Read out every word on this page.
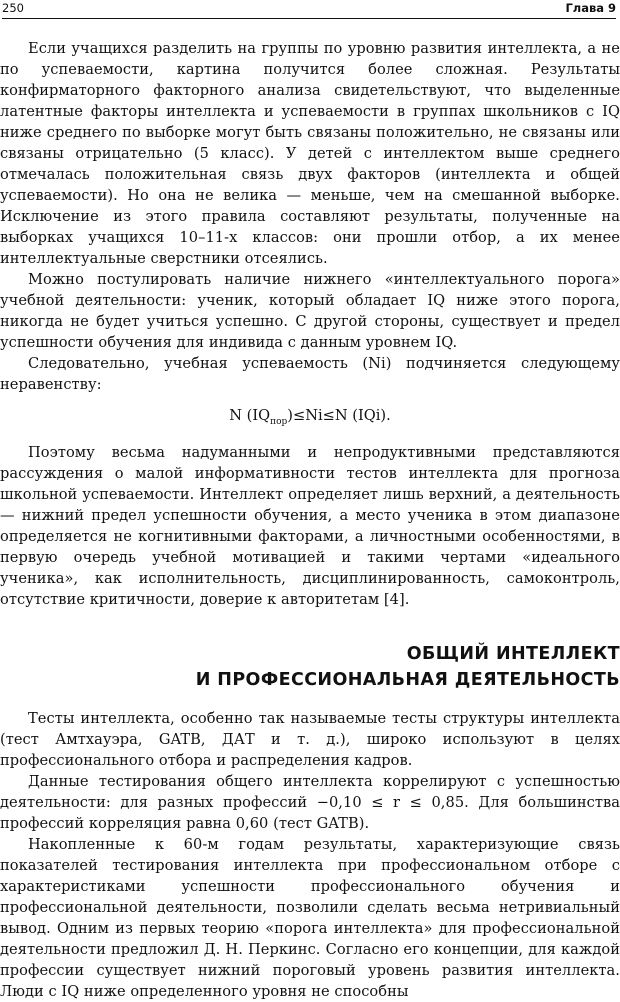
250	Глава 9

Если учащихся разделить на группы по уровню развития интеллекта, а не по успеваемости, картина получится более сложная. Результаты конфирматорного факторного анализа свидетельствуют, что выделенные латентные факторы интеллекта и успеваемости в группах школьников с IQ ниже среднего по выборке могут быть связаны положительно, не связаны или связаны отрицательно (5 класс). У детей с интеллектом выше среднего отмечалась положительная связь двух факторов (интеллекта и общей успеваемости). Но она не велика — меньше, чем на смешанной выборке. Исключение из этого правила составляют результаты, полученные на выборках учащихся 10–11-х классов: они прошли отбор, а их менее интеллектуальные сверстники отсеялись.

Можно постулировать наличие нижнего «интеллектуального порога» учебной деятельности: ученик, который обладает IQ ниже этого порога, никогда не будет учиться успешно. С другой стороны, существует и предел успешности обучения для индивида с данным уровнем IQ.

Следовательно, учебная успеваемость (Ni) подчиняется следующему неравенству:

N $(IQ_{пор})\le Ni\le N$ (IQi).

Поэтому весьма надуманными и непродуктивными представляются рассуждения о малой информативности тестов интеллекта для прогноза школьной успеваемости. Интеллект определяет лишь верхний, а деятельность — нижний предел успешности обучения, а место ученика в этом диапазоне определяется не когнитивными факторами, а личностными особенностями, в первую очередь учебной мотивацией и такими чертами «идеального ученика», как исполнительность, дисциплинированность, самоконтроль, отсутствие критичности, доверие к авторитетам [4].

ОБЩИЙ ИНТЕЛЛЕКТ
И ПРОФЕССИОНАЛЬНАЯ ДЕЯТЕЛЬНОСТЬ

Тесты интеллекта, особенно так называемые тесты структуры интеллекта (тест Амтхауэра, GATB, ДАТ и т. д.), широко используют в целях профессионального отбора и распределения кадров.

Данные тестирования общего интеллекта коррелируют с успешностью деятельности: для разных профессий −0,10 ≤ r ≤ 0,85. Для большинства профессий корреляция равна 0,60 (тест GATB).

Накопленные к 60-м годам результаты, характеризующие связь показателей тестирования интеллекта при профессиональном отборе с характеристиками успешности профессионального обучения и профессиональной деятельности, позволили сделать весьма нетривиальный вывод. Одним из первых теорию «порога интеллекта» для профессиональной деятельности предложил Д. Н. Перкинс. Согласно его концепции, для каждой профессии существует нижний пороговый уровень развития интеллекта. Люди с IQ ниже определенного уровня не способны
